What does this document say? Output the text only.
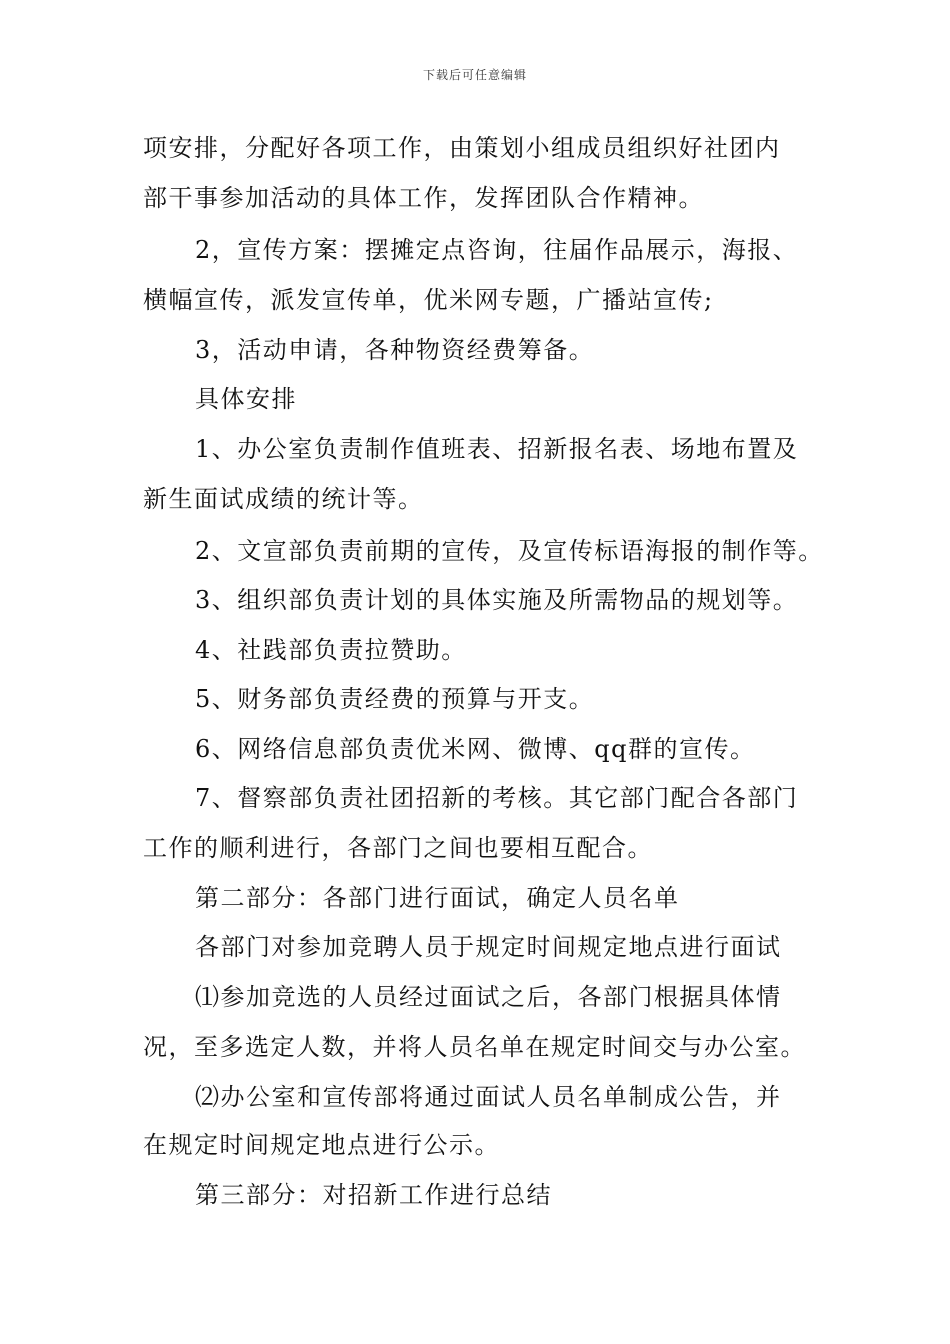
下载后可任意编辑
项安排，分配好各项工作，由策划小组成员组织好社团内
部干事参加活动的具体工作，发挥团队合作精神。
2，宣传方案：摆摊定点咨询，往届作品展示，海报、
横幅宣传，派发宣传单，优米网专题，广播站宣传;
3，活动申请，各种物资经费筹备。
具体安排
1、办公室负责制作值班表、招新报名表、场地布置及
新生面试成绩的统计等。
2、文宣部负责前期的宣传，及宣传标语海报的制作等。
3、组织部负责计划的具体实施及所需物品的规划等。
4、社践部负责拉赞助。
5、财务部负责经费的预算与开支。
6、网络信息部负责优米网、微博、qq群的宣传。
7、督察部负责社团招新的考核。其它部门配合各部门
工作的顺利进行，各部门之间也要相互配合。
第二部分：各部门进行面试，确定人员名单
各部门对参加竞聘人员于规定时间规定地点进行面试
⑴参加竞选的人员经过面试之后，各部门根据具体情
况，至多选定人数，并将人员名单在规定时间交与办公室。
⑵办公室和宣传部将通过面试人员名单制成公告，并
在规定时间规定地点进行公示。
第三部分：对招新工作进行总结
